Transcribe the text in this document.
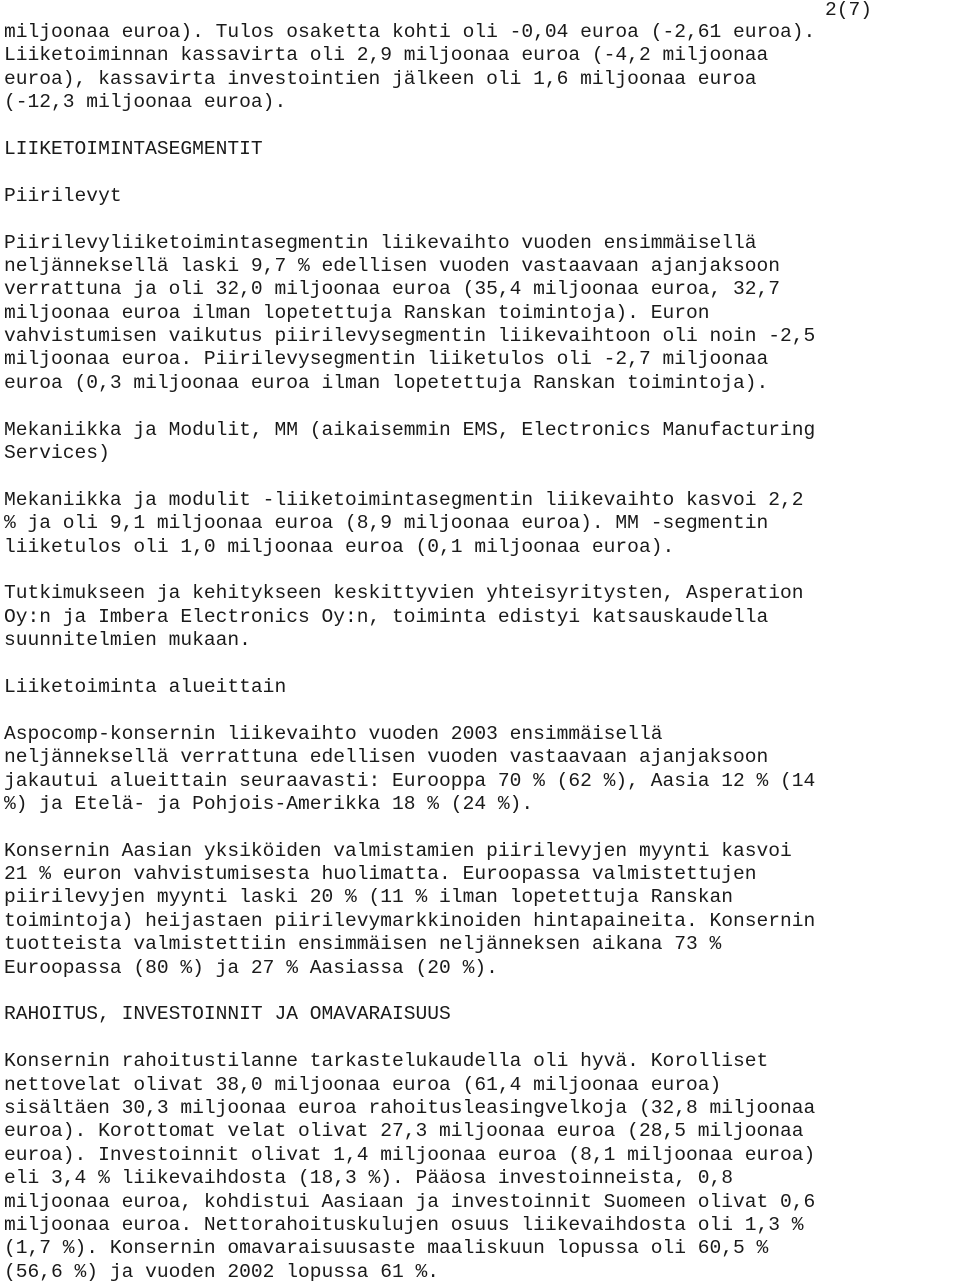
2(7)
miljoonaa euroa). Tulos osaketta kohti oli -0,04 euroa (-2,61 euroa).
Liiketoiminnan kassavirta oli 2,9 miljoonaa euroa (-4,2 miljoonaa
euroa), kassavirta investointien jälkeen oli 1,6 miljoonaa euroa
(-12,3 miljoonaa euroa).
LIIKETOIMINTASEGMENTIT
Piirilevyt
Piirilevyliiketoimintasegmentin liikevaihto vuoden ensimmäisellä
neljänneksellä laski 9,7 % edellisen vuoden vastaavaan ajanjaksoon
verrattuna ja oli 32,0 miljoonaa euroa (35,4 miljoonaa euroa, 32,7
miljoonaa euroa ilman lopetettuja Ranskan toimintoja). Euron
vahvistumisen vaikutus piirilevysegmentin liikevaihtoon oli noin -2,5
miljoonaa euroa. Piirilevysegmentin liiketulos oli -2,7 miljoonaa
euroa (0,3 miljoonaa euroa ilman lopetettuja Ranskan toimintoja).
Mekaniikka ja Modulit, MM (aikaisemmin EMS, Electronics Manufacturing
Services)
Mekaniikka ja modulit -liiketoimintasegmentin liikevaihto kasvoi 2,2
% ja oli 9,1 miljoonaa euroa (8,9 miljoonaa euroa). MM -segmentin
liiketulos oli 1,0 miljoonaa euroa (0,1 miljoonaa euroa).
Tutkimukseen ja kehitykseen keskittyvien yhteisyritysten, Asperation
Oy:n ja Imbera Electronics Oy:n, toiminta edistyi katsauskaudella
suunnitelmien mukaan.
Liiketoiminta alueittain
Aspocomp-konsernin liikevaihto vuoden 2003 ensimmäisellä
neljänneksellä verrattuna edellisen vuoden vastaavaan ajanjaksoon
jakautui alueittain seuraavasti: Eurooppa 70 % (62 %), Aasia 12 % (14
%) ja Etelä- ja Pohjois-Amerikka 18 % (24 %).
Konsernin Aasian yksiköiden valmistamien piirilevyjen myynti kasvoi
21 % euron vahvistumisesta huolimatta. Euroopassa valmistettujen
piirilevyjen myynti laski 20 % (11 % ilman lopetettuja Ranskan
toimintoja) heijastaen piirilevymarkkinoiden hintapaineita. Konsernin
tuotteista valmistettiin ensimmäisen neljänneksen aikana 73 %
Euroopassa (80 %) ja 27 % Aasiassa (20 %).
RAHOITUS, INVESTOINNIT JA OMAVARAISUUS
Konsernin rahoitustilanne tarkastelukaudella oli hyvä. Korolliset
nettovelat olivat 38,0 miljoonaa euroa (61,4 miljoonaa euroa)
sisältäen 30,3 miljoonaa euroa rahoitusleasingvelkoja (32,8 miljoonaa
euroa). Korottomat velat olivat 27,3 miljoonaa euroa (28,5 miljoonaa
euroa). Investoinnit olivat 1,4 miljoonaa euroa (8,1 miljoonaa euroa)
eli 3,4 % liikevaihdosta (18,3 %). Pääosa investoinneista, 0,8
miljoonaa euroa, kohdistui Aasiaan ja investoinnit Suomeen olivat 0,6
miljoonaa euroa. Nettorahoituskulujen osuus liikevaihdosta oli 1,3 %
(1,7 %). Konsernin omavaraisuusaste maaliskuun lopussa oli 60,5 %
(56,6 %) ja vuoden 2002 lopussa 61 %.
